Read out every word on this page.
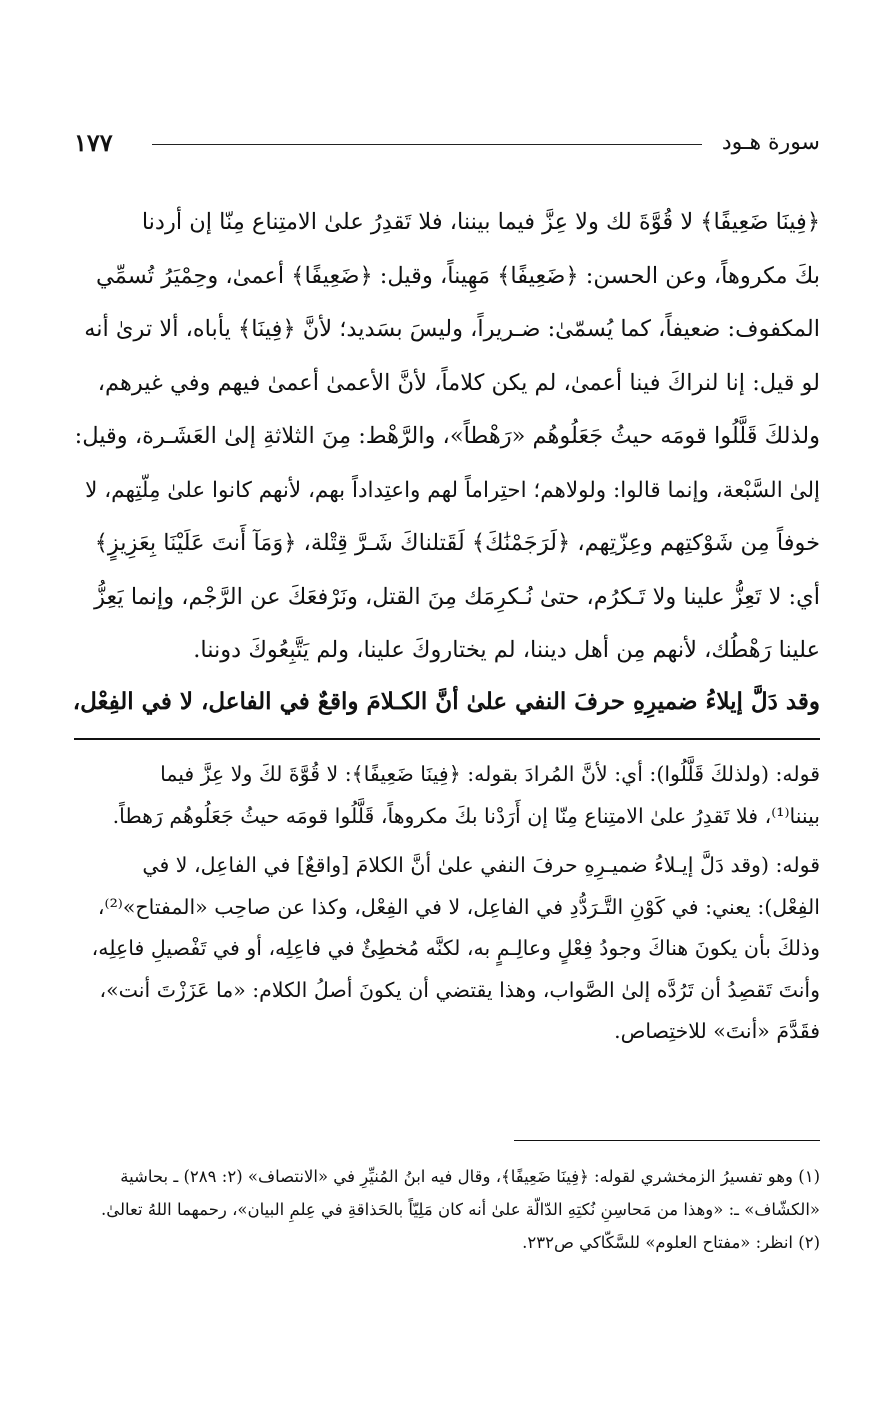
١٧٧	سورة هـود
﴿فِينَا ضَعِيفًا﴾ لا قُوَّةَ لك ولا عِزَّ فيما بيننا، فلا تَقدِرُ علىٰ الامتِناع مِنّا إن أردنا
بكَ مكروهاً، وعن الحسن: ﴿ضَعِيفًا﴾ مَهِيناً، وقيل: ﴿ضَعِيفًا﴾ أعمىٰ، وحِمْيَرُ تُسمِّي
المكفوف: ضعيفاً، كما يُسمّىٰ: ضـريراً، وليسَ بسَديد؛ لأنَّ ﴿فِينَا﴾ يأباه، ألا ترىٰ أنه
لو قيل: إنا لنراكَ فينا أعمىٰ، لم يكن كلاماً، لأنَّ الأعمىٰ أعمىٰ فيهم وفي غيرهم،
ولذلكَ قَلَّلُوا قومَه حيثُ جَعَلُوهُم «رَهْطاً»، والرَّهْط: مِنَ الثلاثةِ إلىٰ العَشَـرة، وقيل:
إلىٰ السَّبْعة، وإنما قالوا: ولولاهم؛ احتِراماً لهم واعتِداداً بهم، لأنهم كانوا علىٰ مِلّتِهم، لا
خوفاً مِن شَوْكتِهم وعِزّتِهم، ﴿لَرَجَمْنَٰكَ﴾ لَقَتلناكَ شَـرَّ قِتْلة، ﴿وَمَآ أَنتَ عَلَيْنَا بِعَزِيزٍ﴾
أي: لا تَعِزُّ علينا ولا تَـكرُم، حتىٰ نُـكرِمَك مِنَ القتل، ونَرْفعَكَ عن الرَّجْم، وإنما يَعِزُّ
علينا رَهْطُك، لأنهم مِن أهل ديننا، لم يختاروكَ علينا، ولم يَتَّبِعُوكَ دوننا.
وقد دَلَّ إيلاءُ ضميرِهِ حرفَ النفي علىٰ أنَّ الكـلامَ واقعٌ في الفاعل، لا في الفِعْل،
قوله: (ولذلكَ قَلَّلُوا): أي: لأنَّ المُرادَ بقوله: ﴿فِينَا ضَعِيفًا﴾: لا قُوَّةَ لكَ ولا عِزَّ فيما
بيننا⁽¹⁾، فلا تَقدِرُ علىٰ الامتِناع مِنّا إن أَرَدْنا بكَ مكروهاً، قَلَّلُوا قومَه حيثُ جَعَلُوهُم رَهطاً.
قوله: (وقد دَلَّ إيـلاءُ ضميـرِهِ حرفَ النفي علىٰ أنَّ الكلامَ [واقعٌ] في الفاعِل، لا في
الفِعْل): يعني: في كَوْنِ التَّـرَدُّدِ في الفاعِل، لا في الفِعْل، وكذا عن صاحِب «المفتاح»⁽²⁾،
وذلكَ بأن يكونَ هناكَ وجودُ فِعْلٍ وعالِـمٍ به، لكنَّه مُخطِئٌ في فاعِلِه، أو في تَفْصيلِ فاعِلِه،
وأنتَ تَقصِدُ أن تَرُدَّه إلىٰ الصَّواب، وهذا يقتضي أن يكونَ أصلُ الكلام: «ما عَزَزْتَ أنت»،
فقَدَّمَ «أنتَ» للاختِصاص.
(١) وهو تفسيرُ الزمخشري لقوله: ﴿فِينَا ضَعِيفًا﴾، وقال فيه ابنُ المُنيِّرِ في «الانتصاف» (٢: ٢٨٩) ـ بحاشية
«الكشّاف» ـ: «وهذا من مَحاسِنِ نُكتِهِ الدّالّة علىٰ أنه كان مَلِيّاً بالحَذاقةِ في عِلمِ البيان»، رحمهما اللهُ تعالىٰ.
(٢) انظر: «مفتاح العلوم» للسَّكّاكي ص٢٣٢.
